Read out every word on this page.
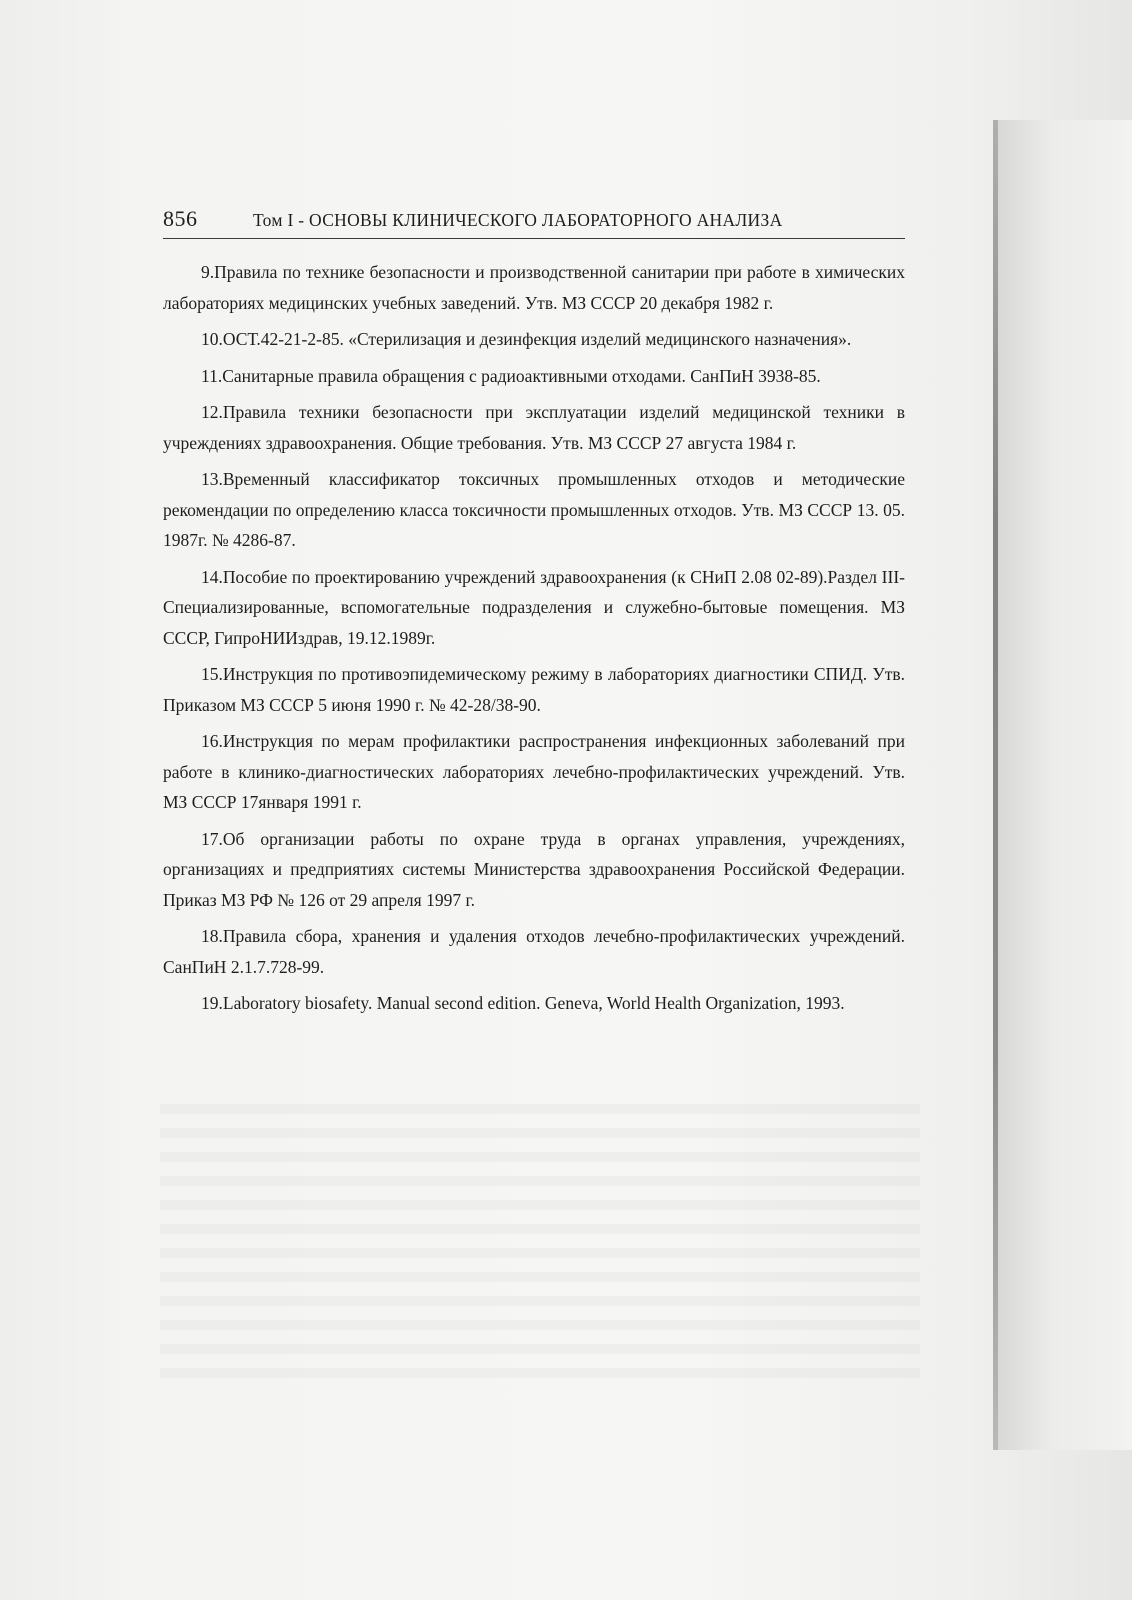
856	Том I - ОСНОВЫ КЛИНИЧЕСКОГО ЛАБОРАТОРНОГО АНАЛИЗА
9.Правила по технике безопасности и производственной санитарии при работе в химических лабораториях медицинских учебных заведений. Утв. МЗ СССР 20 декабря 1982 г.
10.ОСТ.42-21-2-85. «Стерилизация и дезинфекция изделий медицинского назначения».
11.Санитарные правила обращения с радиоактивными отходами. СанПиН 3938-85.
12.Правила техники безопасности при эксплуатации изделий медицинской техники в учреждениях здравоохранения. Общие требования. Утв. МЗ СССР 27 августа 1984 г.
13.Временный классификатор токсичных промышленных отходов и методические рекомендации по определению класса токсичности промышленных отходов. Утв. МЗ СССР 13. 05. 1987г. № 4286-87.
14.Пособие по проектированию учреждений здравоохранения (к СНиП 2.08 02-89).Раздел III- Специализированные, вспомогательные подразделения и служебно-бытовые помещения. МЗ СССР, ГипроНИИздрав, 19.12.1989г.
15.Инструкция по противоэпидемическому режиму в лабораториях диагностики СПИД. Утв. Приказом МЗ СССР 5 июня 1990 г. № 42-28/38-90.
16.Инструкция по мерам профилактики распространения инфекционных заболеваний при работе в клинико-диагностических лабораториях лечебно-профилактических учреждений. Утв. МЗ СССР 17января 1991 г.
17.Об организации работы по охране труда в органах управления, учреждениях, организациях и предприятиях системы Министерства здравоохранения Российской Федерации. Приказ МЗ РФ № 126 от 29 апреля 1997 г.
18.Правила сбора, хранения и удаления отходов лечебно-профилактических учреждений. СанПиН 2.1.7.728-99.
19.Laboratory biosafety. Manual second edition. Geneva, World Health Organization, 1993.
